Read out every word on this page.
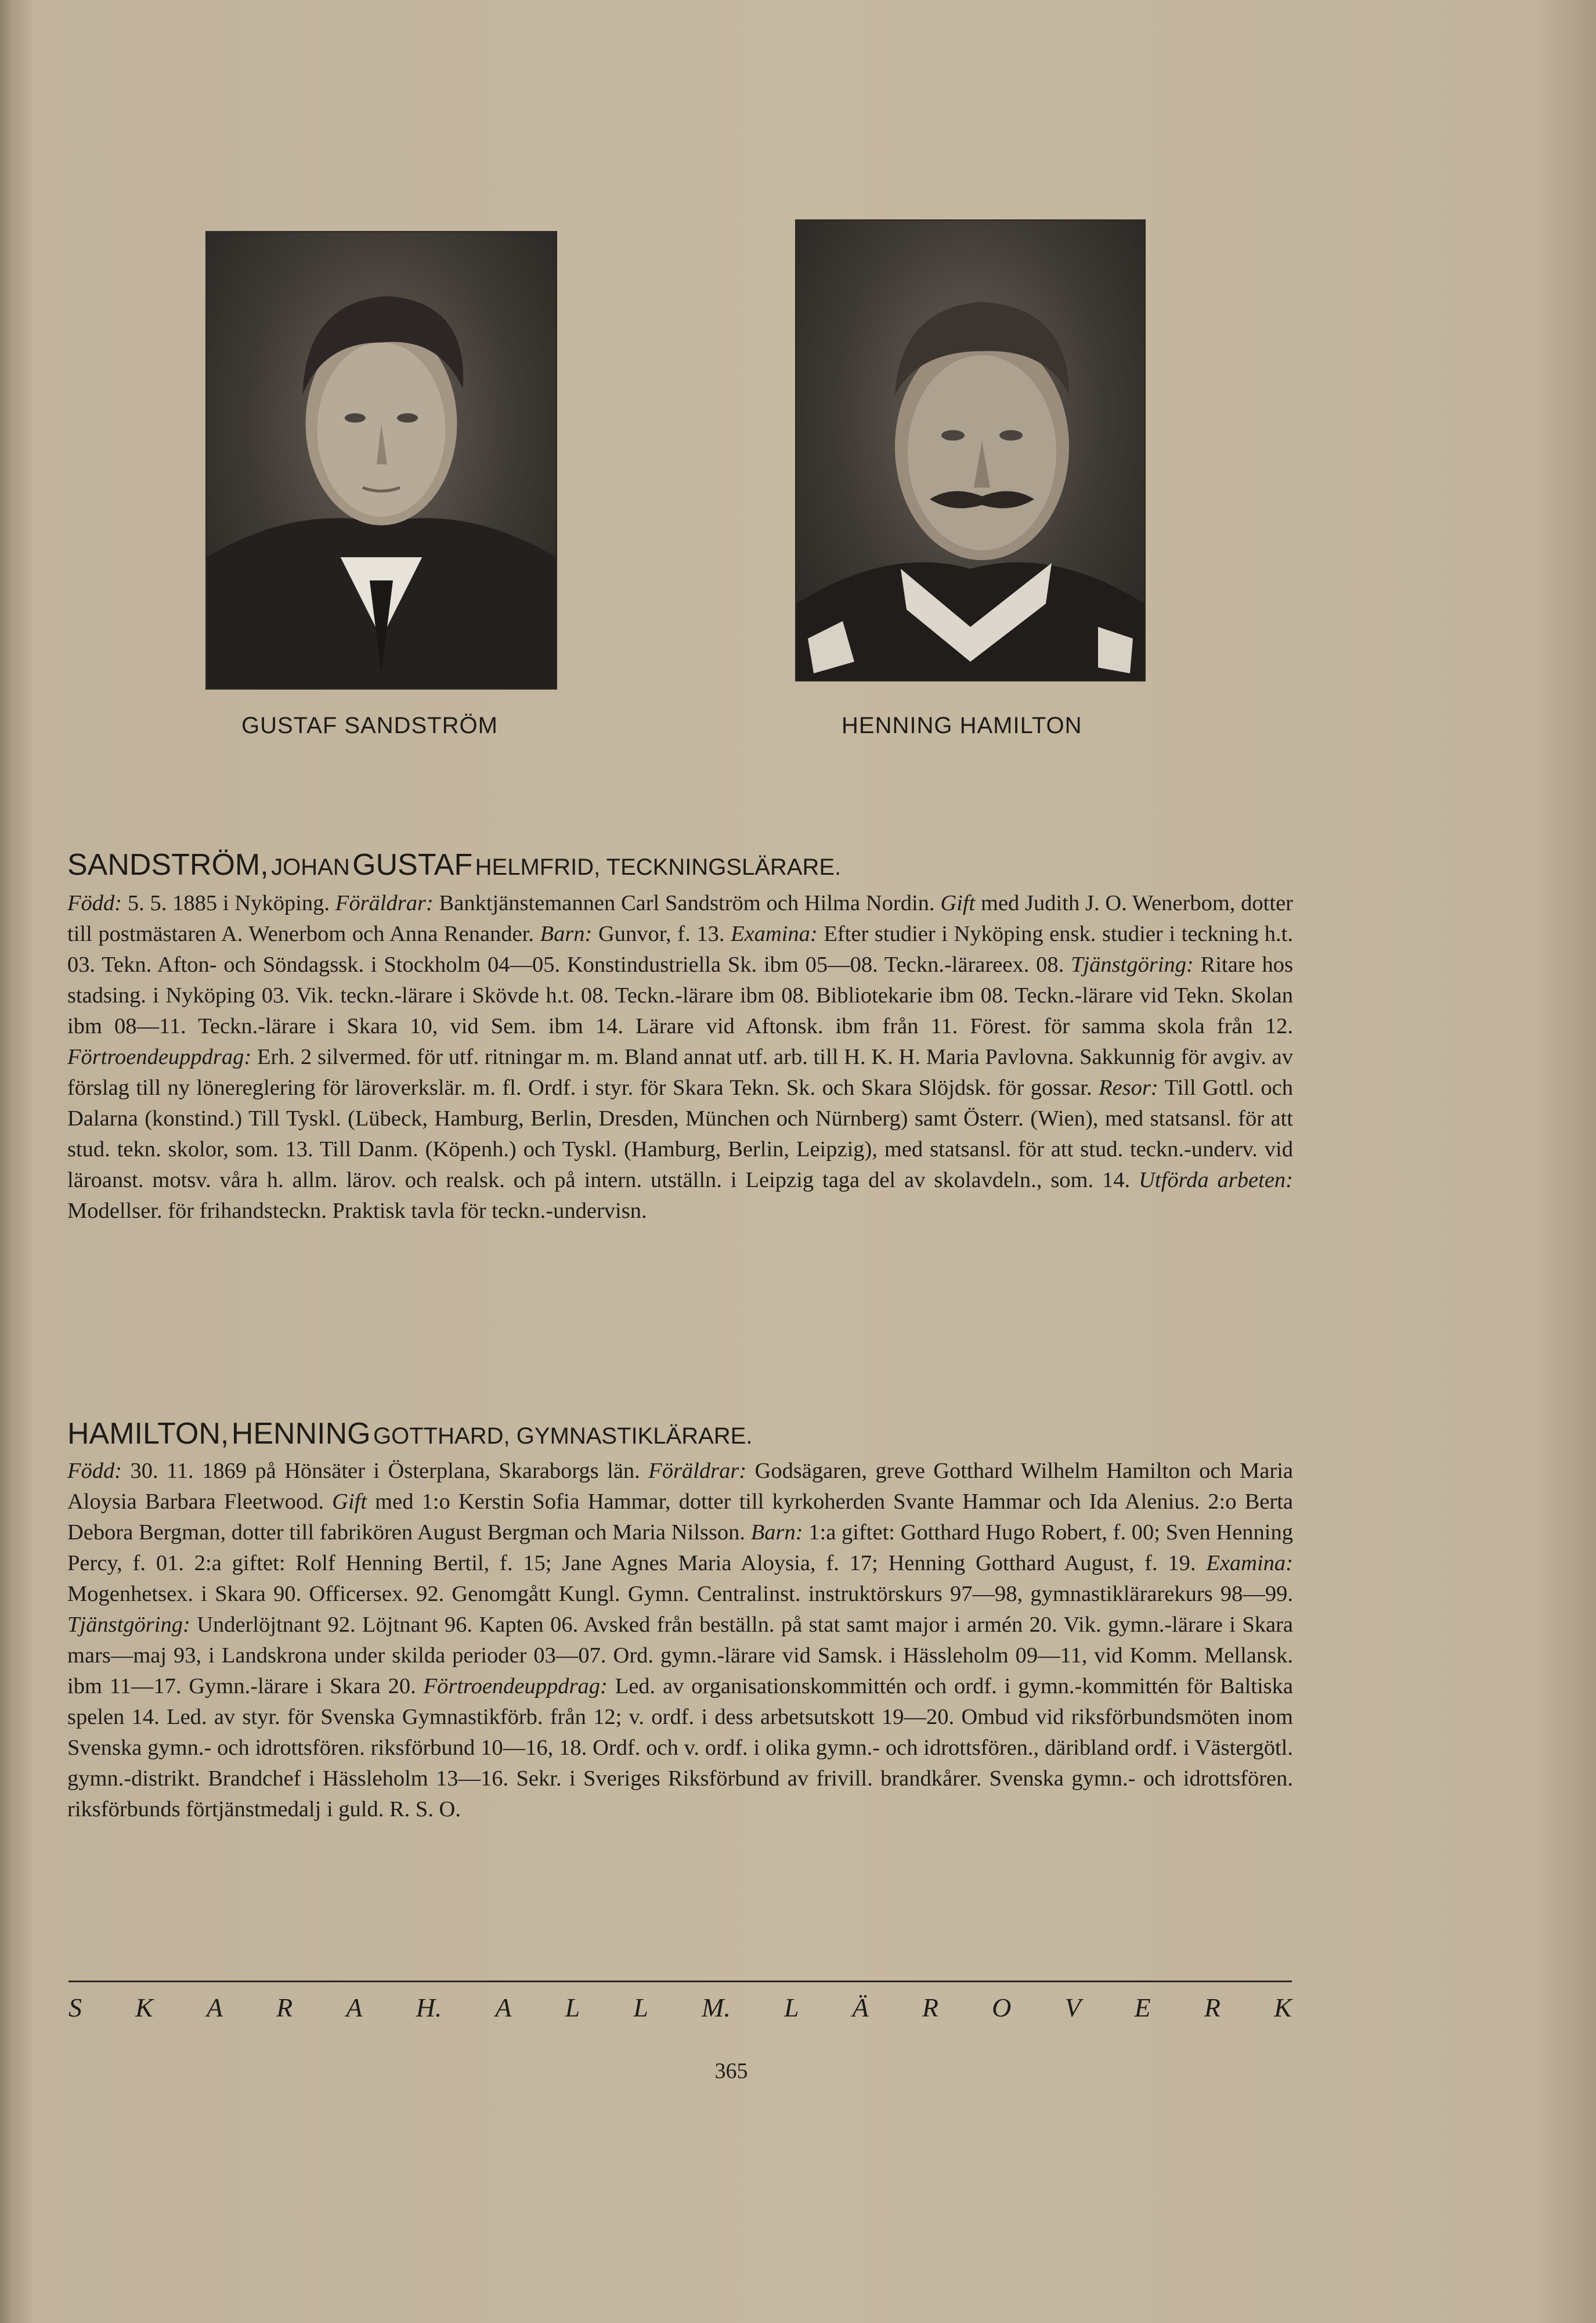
GUSTAF SANDSTRÖM	HENNING HAMILTON
SANDSTRÖM, JOHAN GUSTAF HELMFRID, TECKNINGSLÄRARE.
Född: 5. 5. 1885 i Nyköping. Föräldrar: Banktjänstemannen Carl Sandström och Hilma Nordin. Gift med Judith J. O. Wenerbom, dotter till postmästaren A. Wenerbom och Anna Renander. Barn: Gunvor, f. 13. Examina: Efter studier i Nyköping ensk. studier i teckning h.t. 03. Tekn. Afton- och Söndagssk. i Stockholm 04—05. Konstindustriella Sk. ibm 05—08. Teckn.-lärareex. 08. Tjänstgöring: Ritare hos stadsing. i Nyköping 03. Vik. teckn.-lärare i Skövde h.t. 08. Teckn.-lärare ibm 08. Bibliotekarie ibm 08. Teckn.-lärare vid Tekn. Skolan ibm 08—11. Teckn.-lärare i Skara 10, vid Sem. ibm 14. Lärare vid Aftonsk. ibm från 11. Förest. för samma skola från 12. Förtroendeuppdrag: Erh. 2 silvermed. för utf. ritningar m. m. Bland annat utf. arb. till H. K. H. Maria Pavlovna. Sakkunnig för avgiv. av förslag till ny lönereglering för läroverkslär. m. fl. Ordf. i styr. för Skara Tekn. Sk. och Skara Slöjdsk. för gossar. Resor: Till Gottl. och Dalarna (konstind.) Till Tyskl. (Lübeck, Hamburg, Berlin, Dresden, München och Nürnberg) samt Österr. (Wien), med statsansl. för att stud. tekn. skolor, som. 13. Till Danm. (Köpenh.) och Tyskl. (Hamburg, Berlin, Leipzig), med statsansl. för att stud. teckn.-underv. vid läroanst. motsv. våra h. allm. lärov. och realsk. och på intern. utställn. i Leipzig taga del av skolavdeln., som. 14. Utförda arbeten: Modellser. för frihandsteckn. Praktisk tavla för teckn.-undervisn.
HAMILTON, HENNING GOTTHARD, GYMNASTIKLÄRARE.
Född: 30. 11. 1869 på Hönsäter i Österplana, Skaraborgs län. Föräldrar: Godsägaren, greve Gotthard Wilhelm Hamilton och Maria Aloysia Barbara Fleetwood. Gift med 1:o Kerstin Sofia Hammar, dotter till kyrkoherden Svante Hammar och Ida Alenius. 2:o Berta Debora Bergman, dotter till fabrikören August Bergman och Maria Nilsson. Barn: 1:a giftet: Gotthard Hugo Robert, f. 00; Sven Henning Percy, f. 01. 2:a giftet: Rolf Henning Bertil, f. 15; Jane Agnes Maria Aloysia, f. 17; Henning Gotthard August, f. 19. Examina: Mogenhetsex. i Skara 90. Officersex. 92. Genomgått Kungl. Gymn. Centralinst. instruktörskurs 97—98, gymnastiklärarekurs 98—99. Tjänstgöring: Underlöjtnant 92. Löjtnant 96. Kapten 06. Avsked från beställn. på stat samt major i armén 20. Vik. gymn.-lärare i Skara mars—maj 93, i Landskrona under skilda perioder 03—07. Ord. gymn.-lärare vid Samsk. i Hässleholm 09—11, vid Komm. Mellansk. ibm 11—17. Gymn.-lärare i Skara 20. Förtroendeuppdrag: Led. av organisationskommittén och ordf. i gymn.-kommittén för Baltiska spelen 14. Led. av styr. för Svenska Gymnastikförb. från 12; v. ordf. i dess arbetsutskott 19—20. Ombud vid riksförbundsmöten inom Svenska gymn.- och idrottsfören. riksförbund 10—16, 18. Ordf. och v. ordf. i olika gymn.- och idrottsfören., däribland ordf. i Västergötl. gymn.-distrikt. Brandchef i Hässleholm 13—16. Sekr. i Sveriges Riksförbund av frivill. brandkårer. Svenska gymn.- och idrottsfören. riksförbunds förtjänstmedalj i guld. R. S. O.
S K A R A H. A L L M. L Ä R O V E R K
365
